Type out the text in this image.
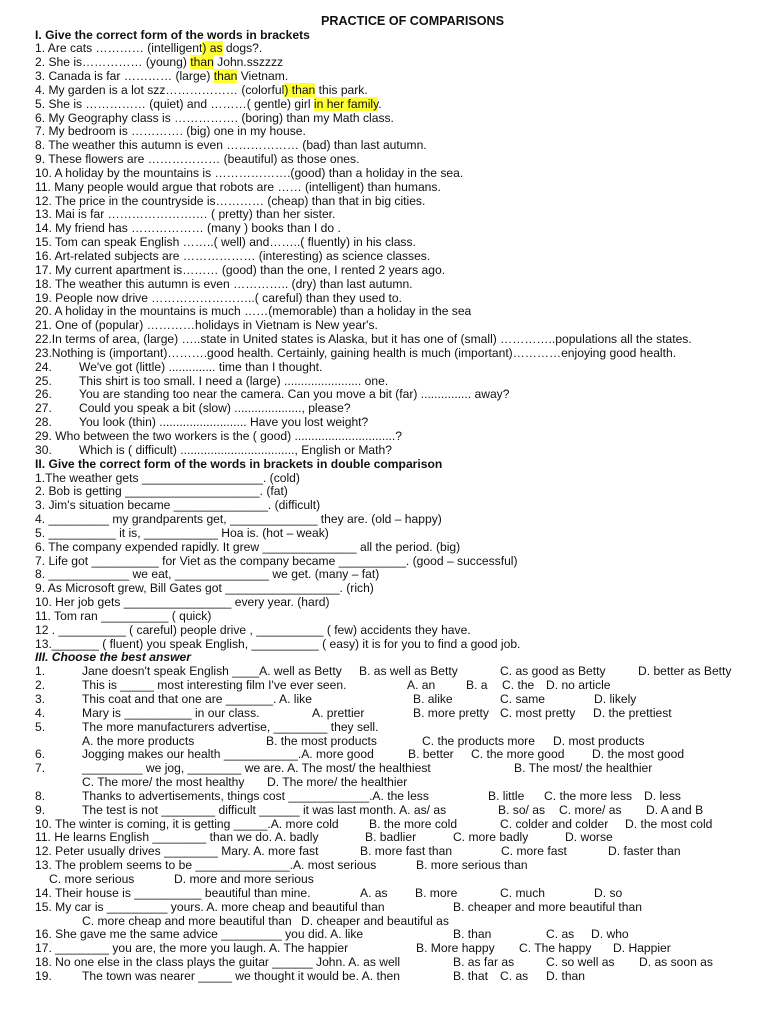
PRACTICE OF COMPARISONS
I. Give the correct form of the words in brackets
1. Are cats ………… (intelligent) as dogs?.
2. She is…………… (young) than John.sszzzz
3. Canada is far ………… (large) than Vietnam.
4. My garden is a lot szz……………… (colorful) than this park.
5. She is …………… (quiet) and ………( gentle) girl in her family.
6. My Geography class is ……………. (boring) than my Math class.
7. My bedroom is …………. (big) one in my house.
8. The weather this autumn is even ……………… (bad) than last autumn.
9. These flowers are ……………… (beautiful) as those ones.
10. A holiday by the mountains is ……………….(good) than a holiday in the sea.
11. Many people would argue that robots are …… (intelligent) than humans.
12. The price in the countryside is………… (cheap) than that in big cities.
13. Mai is far ………………….… ( pretty) than her sister.
14. My friend has ……………… (many ) books than I do .
15. Tom can speak English ……..( well) and……..( fluently) in his class.
16. Art-related subjects are ……………… (interesting) as science classes.
17. My current apartment is……… (good) than the one, I rented 2 years ago.
18. The weather this autumn is even ………….. (dry) than last autumn.
19. People now drive ……………………..( careful) than they used to.
20. A holiday in the mountains is much ……(memorable) than a holiday in the sea
21. One of (popular) …………holidays in Vietnam is New year's.
22.In terms of area, (large) …..state in United states is Alaska, but it has one of (small) …………..populations all the states.
23.Nothing is (important)……….good health. Certainly, gaining health is much (important)…………enjoying good health.
24. We've got (little) .............. time than I thought.
25. This shirt is too small. I need a (large) ....................... one.
26. You are standing too near the camera. Can you move a bit (far) ............... away?
27. Could you speak a bit (slow) ...................., please?
28. You look (thin) .......................... Have you lost weight?
29. Who between the two workers is the ( good) ..............................?
30. Which is ( difficult) .................................., English or Math?
II. Give the correct form of the words in brackets in double comparison
1.The weather gets __________________. (cold)
2. Bob is getting ____________________. (fat)
3. Jim's situation became ______________. (difficult)
4. _________ my grandparents get, _____________ they are. (old – happy)
5. __________ it is, ___________ Hoa is. (hot – weak)
6. The company expended rapidly. It grew ______________ all the period. (big)
7. Life got __________ for Viet as the company became __________. (good – successful)
8. ____________ we eat, ______________ we get. (many – fat)
9. As Microsoft grew, Bill Gates got _________________. (rich)
10. Her job gets ________________ every year. (hard)
11. Tom ran __________ ( quick)
12 . __________ ( careful) people drive , __________ ( few) accidents they have.
13._______ ( fluent) you speak English, __________ ( easy) it is for you to find a good job.
III. Choose the best answer
1.	Jane doesn't speak English ____A. well as Betty B. as well as Betty	C. as good as Betty	D. better as Betty
2.	This is _____ most interesting film I've ever seen.	A. an	B. a C. the D. no article
3.	This coat and that one are _______. A. like	B. alike	C. same	D. likely
4.	Mary is __________ in our class.	A. prettier	B. more pretty C. most pretty D. the prettiest
5.	The more manufacturers advertise, ________ they sell.
A. the more products	B. the most products	C. the products more D. most products
6.	Jogging makes our health ___________.A. more good	B. better C. the more good D. the most good
7.	_________ we jog, ________ we are. A. The most/ the healthiest	B. The most/ the healthier
C. The more/ the most healthy D. The more/ the healthier
8.	Thanks to advertisements, things cost ____________.A. the less	B. little C. the more less D. less
9.	The test is not ________ difficult ______ it was last month. A. as/ as	B. so/ as C. more/ as D. A and B
10. The winter is coming, it is getting _____.A. more cold	B. the more cold	C. colder and colder D. the most cold
11. He learns English ________ than we do. A. badly	B. badlier	C. more badly	D. worse
12. Peter usually drives ________ Mary. A. more fast	B. more fast than	C. more fast	D. faster than
13. The problem seems to be ______________.A. most serious	B. more serious than
C. more serious	D. more and more serious
14. Their house is __________ beautiful than mine.	A. as B. more	C. much	D. so
15. My car is _________ yours. A. more cheap and beautiful than	B. cheaper and more beautiful than
C. more cheap and more beautiful than D. cheaper and beautiful as
16. She gave me the same advice _________ you did. A. like	B. than	C. as D. who
17. ________ you are, the more you laugh. A. The happier	B. More happy C. The happy D. Happier
18. No one else in the class plays the guitar ______ John. A. as well	B. as far as	C. so well as D. as soon as
19. The town was nearer _____ we thought it would be. A. then	B. that C. as D. than
